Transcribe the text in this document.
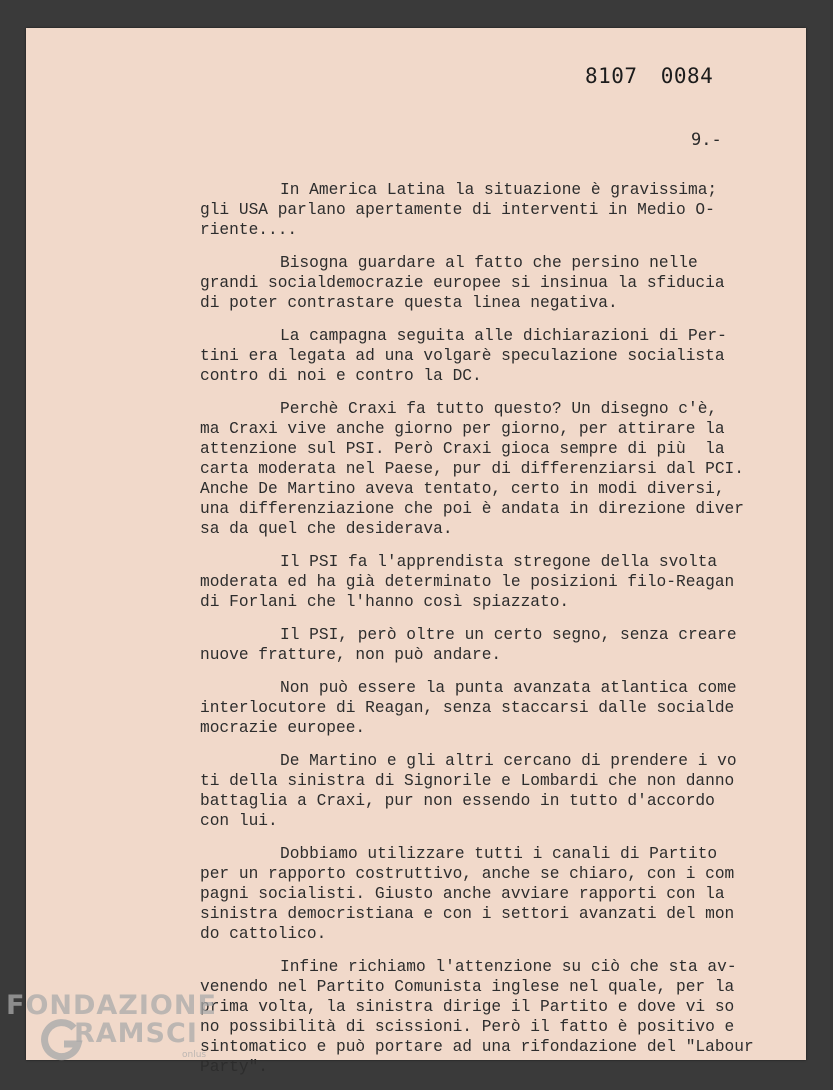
8107 0084
9.-
In America Latina la situazione è gravissima;
gli USA parlano apertamente di interventi in Medio O-
riente....
Bisogna guardare al fatto che persino nelle
grandi socialdemocrazie europee si insinua la sfiducia
di poter contrastare questa linea negativa.
La campagna seguita alle dichiarazioni di Per-
tini era legata ad una volgarè speculazione socialista
contro di noi e contro la DC.
Perchè Craxi fa tutto questo? Un disegno c'è,
ma Craxi vive anche giorno per giorno, per attirare la
attenzione sul PSI. Però Craxi gioca sempre di più  la
carta moderata nel Paese, pur di differenziarsi dal PCI.
Anche De Martino aveva tentato, certo in modi diversi,
una differenziazione che poi è andata in direzione diver
sa da quel che desiderava.
Il PSI fa l'apprendista stregone della svolta
moderata ed ha già determinato le posizioni filo-Reagan
di Forlani che l'hanno così spiazzato.
Il PSI, però oltre un certo segno, senza creare
nuove fratture, non può andare.
Non può essere la punta avanzata atlantica come
interlocutore di Reagan, senza staccarsi dalle socialde
mocrazie europee.
De Martino e gli altri cercano di prendere i vo
ti della sinistra di Signorile e Lombardi che non danno
battaglia a Craxi, pur non essendo in tutto d'accordo
con lui.
Dobbiamo utilizzare tutti i canali di Partito
per un rapporto costruttivo, anche se chiaro, con i com
pagni socialisti. Giusto anche avviare rapporti con la
sinistra democristiana e con i settori avanzati del mon
do cattolico.
Infine richiamo l'attenzione su ciò che sta av-
venendo nel Partito Comunista inglese nel quale, per la
prima volta, la sinistra dirige il Partito e dove vi so
no possibilità di scissioni. Però il fatto è positivo e
sintomatico e può portare ad una rifondazione del "Labour
Party".
FONDAZIONE
RAMSCI
onlus
